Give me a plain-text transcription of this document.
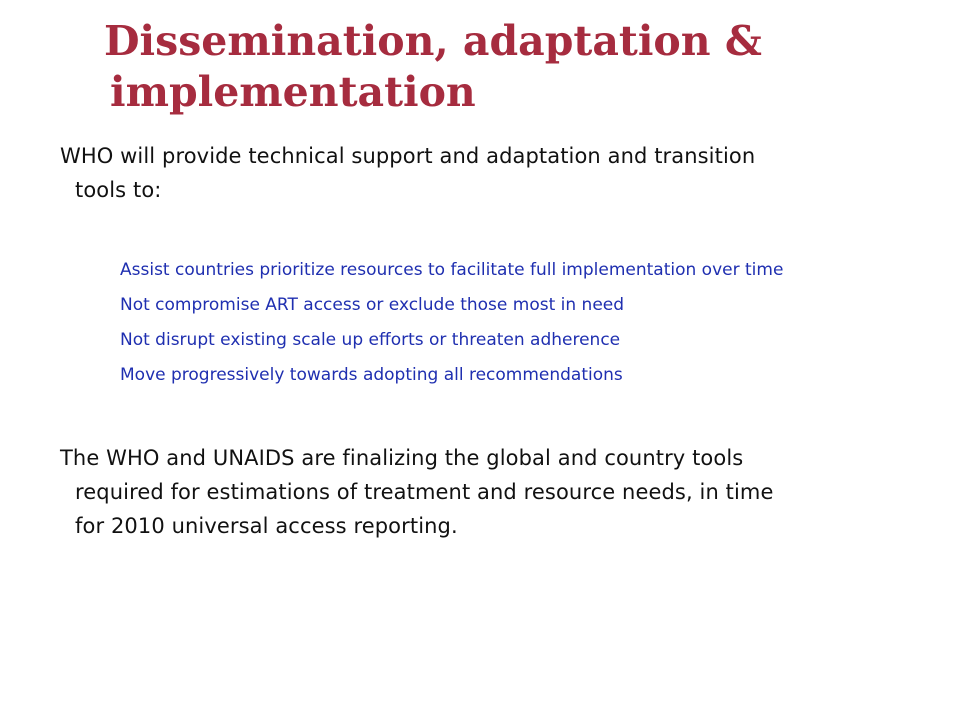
Dissemination, adaptation &
implementation

WHO will provide technical support and adaptation and transition
tools to:

Assist countries prioritize resources to facilitate full implementation over time
Not compromise ART access or exclude those most in need
Not disrupt existing scale up efforts or threaten adherence
Move progressively towards adopting all recommendations

The WHO and UNAIDS are finalizing the global and country tools
required for estimations of treatment and resource needs, in time
for 2010 universal access reporting.
